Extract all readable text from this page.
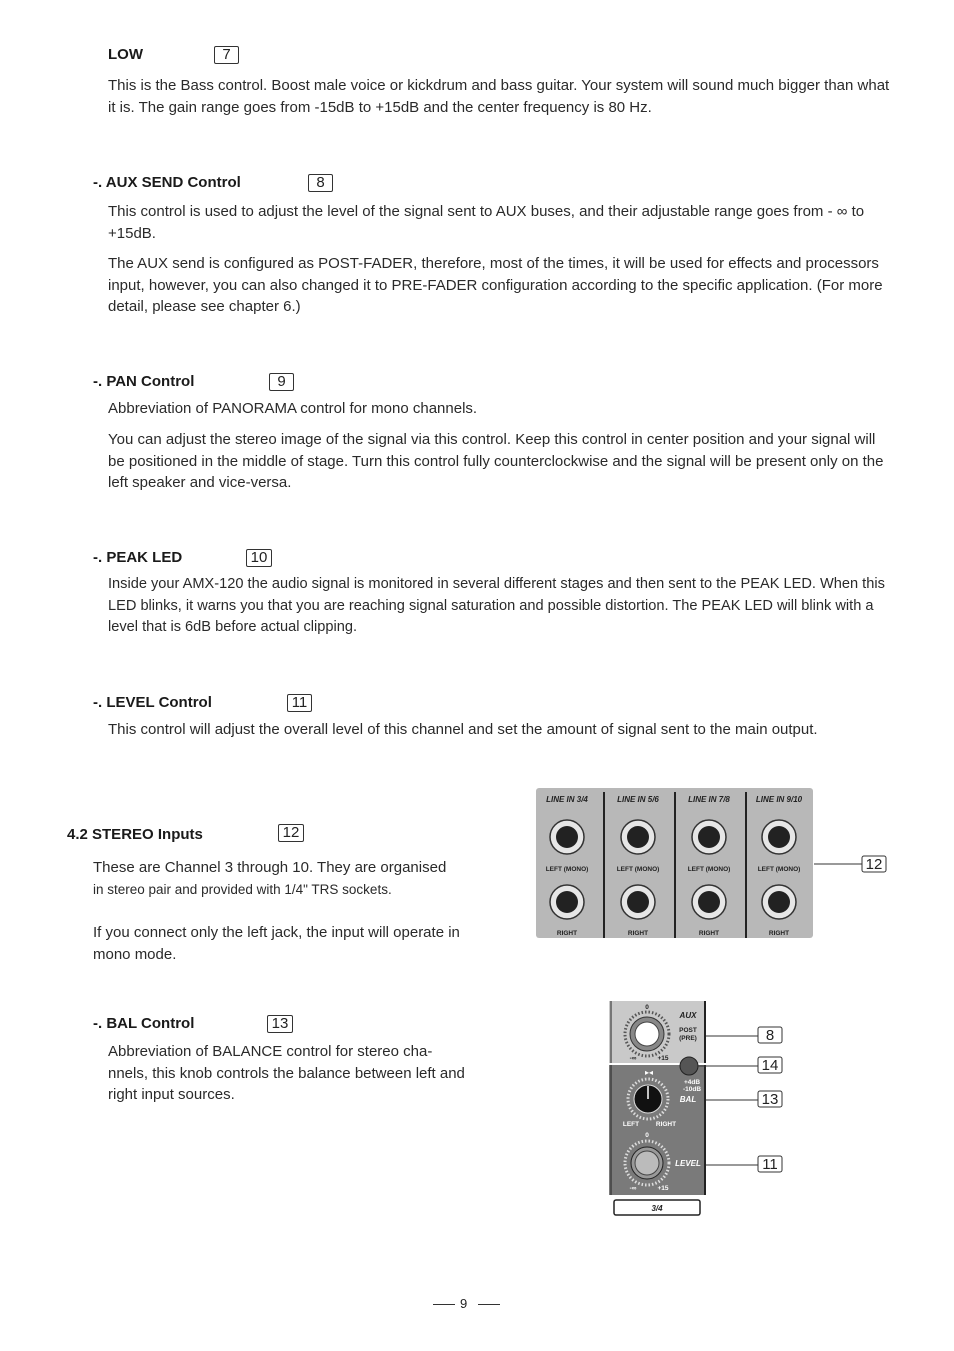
LOW	7
This is the Bass control. Boost male voice or kickdrum and bass guitar. Your system will sound much bigger than what it is. The gain range goes from -15dB to +15dB and the center frequency is 80 Hz.
-. AUX SEND Control	8
This control is used to adjust the level of the signal sent to AUX buses, and their adjustable range goes from - ∞ to +15dB.
The AUX send is configured as POST-FADER, therefore, most of the times, it will be used for effects and processors input, however, you can also changed it to PRE-FADER configuration according to the specific application. (For more detail, please see chapter 6.)
-. PAN Control	9
Abbreviation of PANORAMA control for mono channels.
You can adjust the stereo image of the signal via this control. Keep this control in center position and your signal will be positioned in the middle of stage. Turn this control fully counterclockwise and the signal will be present only on the left speaker and vice-versa.
-. PEAK LED	10
Inside your AMX-120 the audio signal is monitored in several different stages and then sent to the PEAK LED. When this LED blinks, it warns you that you are reaching signal saturation and possible distortion. The PEAK LED will blink with a level that is 6dB before actual clipping.
-. LEVEL Control	11
This control will adjust the overall level of this channel and set the amount of signal sent to the main output.
4.2 STEREO Inputs	12
These are Channel 3 through 10. They are organised
in stereo pair and provided with 1/4" TRS sockets.
If you connect only the left jack, the input will operate in mono mode.
-. BAL Control	13
Abbreviation of BALANCE control for stereo cha-nnels, this knob controls the balance between left and right input sources.
LINE IN 3/4
LEFT (MONO)
RIGHT
LINE IN 5/6
LEFT (MONO)
RIGHT
LINE IN 7/8
LEFT (MONO)
RIGHT
LINE IN 9/10
LEFT (MONO)
RIGHT
12
0
-∞	+15
AUX
POST
(PRE)
▸◂
+4dB
-10dB
BAL
LEFT	RIGHT
0
LEVEL
-∞	+15
3/4
8
14
13
11
9
